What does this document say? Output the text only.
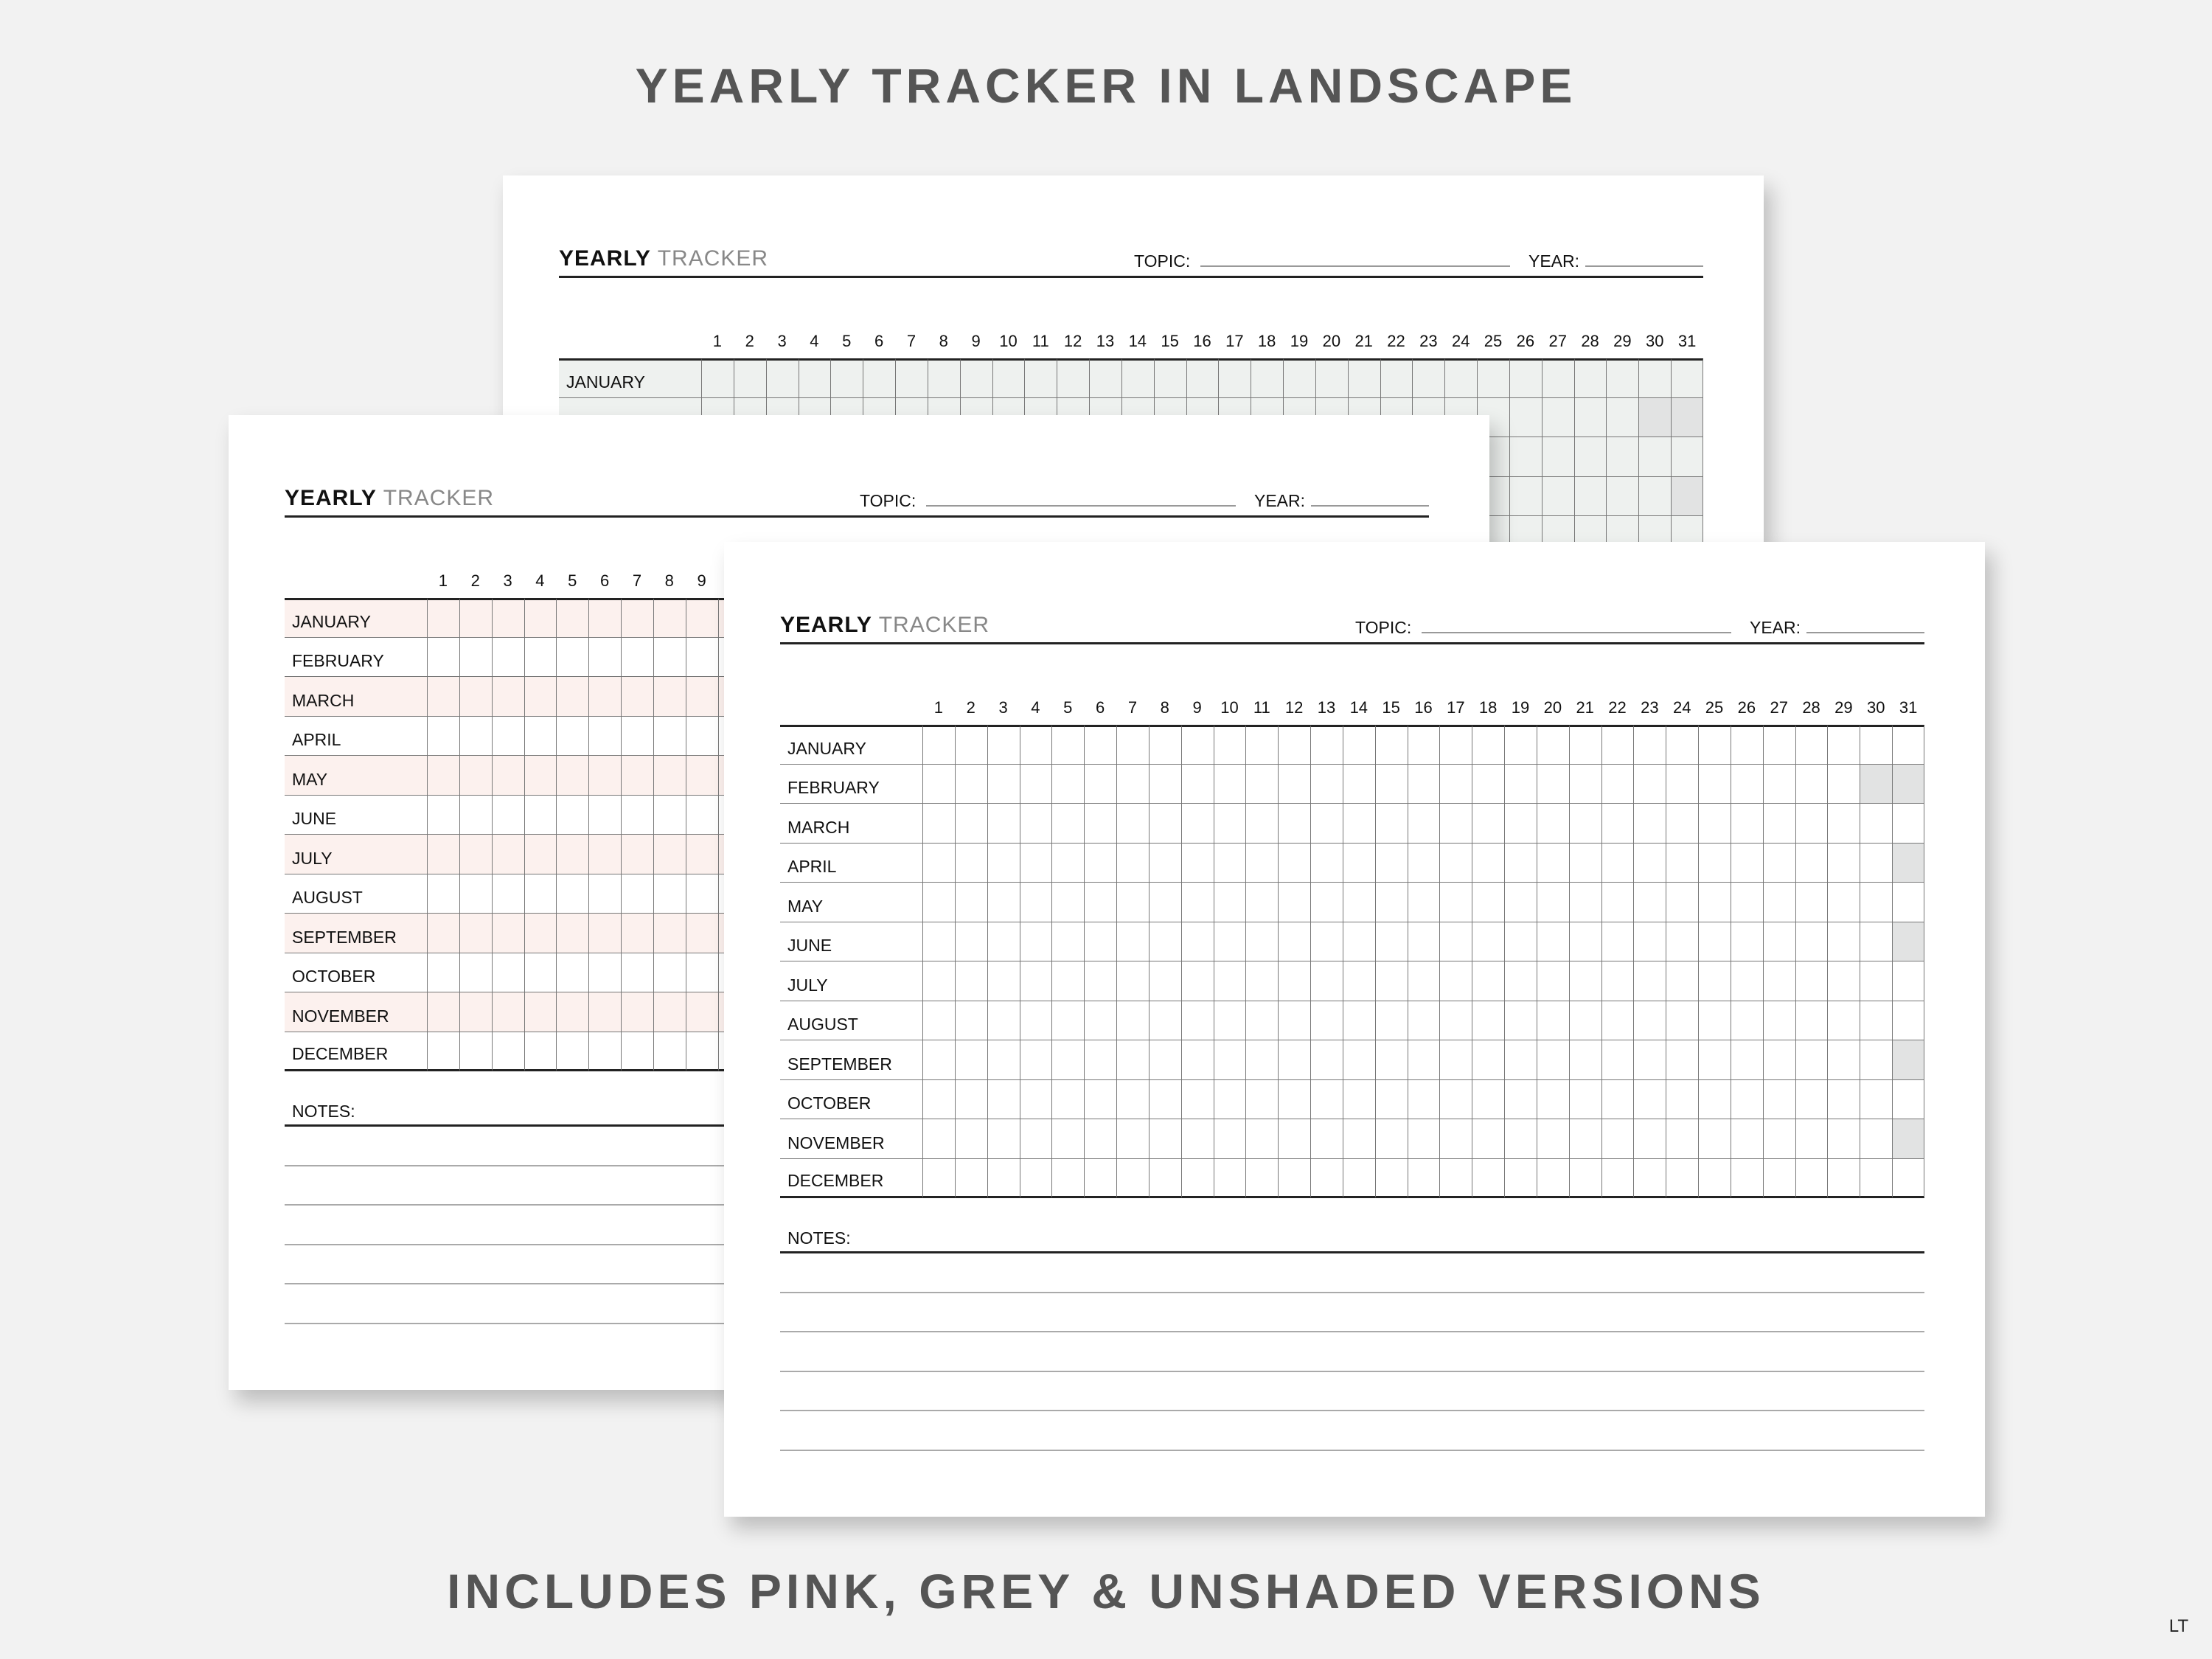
YEARLY TRACKER IN LANDSCAPE
YEARLY TRACKER	TOPIC:	YEAR:
1	2	3	4	5	6	7	8	9	10 11 12 13 14 15 16 17 18 19 20 21 22 23 24 25 26 27 28 29 30 31
JANUARY
YEARLY TRACKER	TOPIC:	YEAR:
1	2	3	4	5	6	7	8	9
JANUARY
FEBRUARY
MARCH
APRIL
MAY
JUNE
JULY
AUGUST
SEPTEMBER
OCTOBER
NOVEMBER
DECEMBER
NOTES:
YEARLY TRACKER	TOPIC:	YEAR:
1	2	3	4	5	6	7	8	9	10 11 12 13 14 15 16 17 18 19 20 21 22 23 24 25 26 27 28 29 30 31
JANUARY
FEBRUARY
MARCH
APRIL
MAY
JUNE
JULY
AUGUST
SEPTEMBER
OCTOBER
NOVEMBER
DECEMBER
NOTES:
INCLUDES PINK, GREY & UNSHADED VERSIONS
LT
